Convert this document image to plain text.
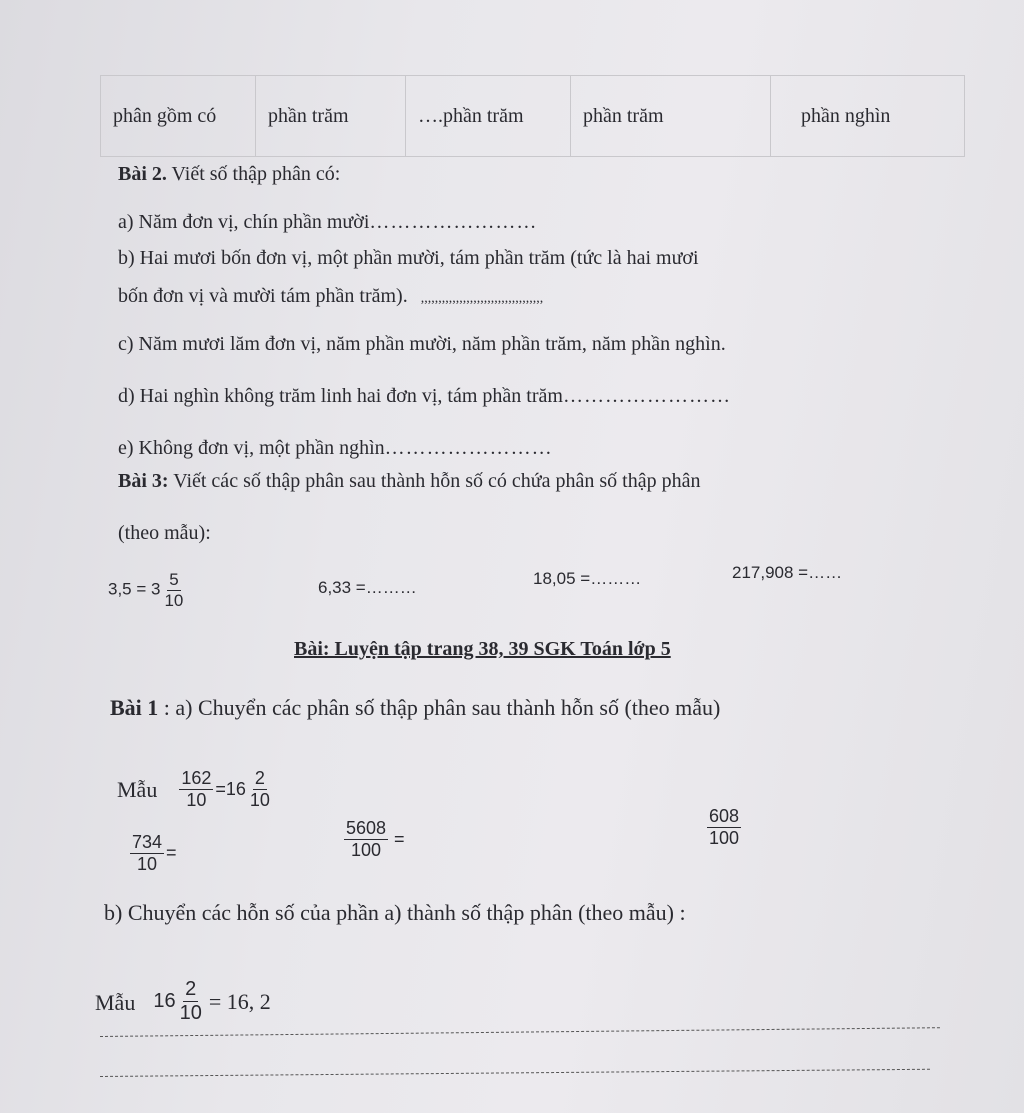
phân gồm có	phần trăm	….phần trăm	phần trăm	phần nghìn
Bài 2. Viết số thập phân có:
a) Năm đơn vị, chín phần mười……………………
b) Hai mươi bốn đơn vị, một phần mười, tám phần trăm (tức là hai mươi
bốn đơn vị và mười tám phần trăm). ,,,,,,,,,,,,,,,,,,,,,,,,,,,,,,,,,,,
c) Năm mươi lăm đơn vị, năm phần mười, năm phần trăm, năm phần nghìn.
d) Hai nghìn không trăm linh hai đơn vị, tám phần trăm……………………
e) Không đơn vị, một phần nghìn……………………
Bài 3: Viết các số thập phân sau thành hỗn số có chứa phân số thập phân
(theo mẫu):
$3,5 = 3 \frac{5}{10}$	6,33 =………	18,05 =………	217,908 =……
Bài: Luyện tập trang 38, 39 SGK Toán lớp 5
Bài 1 : a) Chuyển các phân số thập phân sau thành hỗn số (theo mẫu)
Mẫu $\frac{162}{10} =16 \frac{2}{10}$
$\frac{734}{10}$ =	$\frac{5608}{100}$ =	$\frac{608}{100}$
b) Chuyển các hỗn số của phần a) thành số thập phân (theo mẫu) :
Mẫu $16 \frac{2}{10} = 16$, 2
